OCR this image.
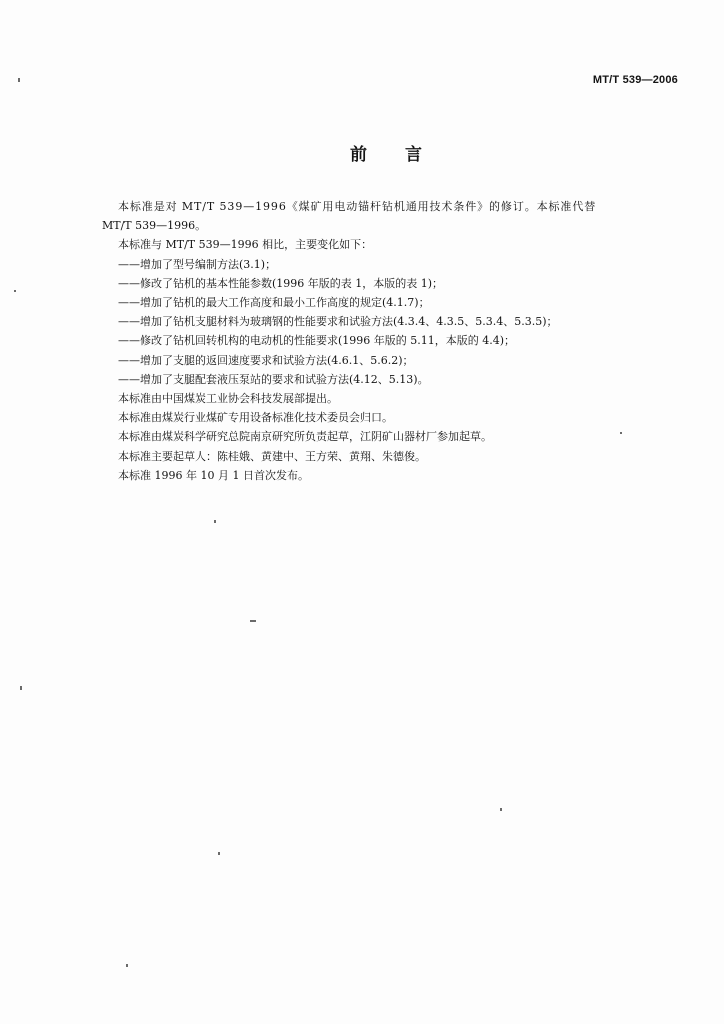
MT/T 539—2006
前言

本标准是对 MT/T 539—1996《煤矿用电动锚杆钻机通用技术条件》的修订。本标准代替

MT/T 539—1996。

本标准与 MT/T 539—1996 相比，主要变化如下：

——增加了型号编制方法(3.1)；

——修改了钻机的基本性能参数(1996 年版的表 1，本版的表 1)；

——增加了钻机的最大工作高度和最小工作高度的规定(4.1.7)；

——增加了钻机支腿材料为玻璃钢的性能要求和试验方法(4.3.4、4.3.5、5.3.4、5.3.5)；

——修改了钻机回转机构的电动机的性能要求(1996 年版的 5.11，本版的 4.4)；

——增加了支腿的返回速度要求和试验方法(4.6.1、5.6.2)；

——增加了支腿配套液压泵站的要求和试验方法(4.12、5.13)。

本标准由中国煤炭工业协会科技发展部提出。

本标准由煤炭行业煤矿专用设备标准化技术委员会归口。

本标准由煤炭科学研究总院南京研究所负责起草，江阴矿山器材厂参加起草。

本标准主要起草人：陈桂娥、黄建中、王方荣、黄翔、朱德俊。

本标准 1996 年 10 月 1 日首次发布。
